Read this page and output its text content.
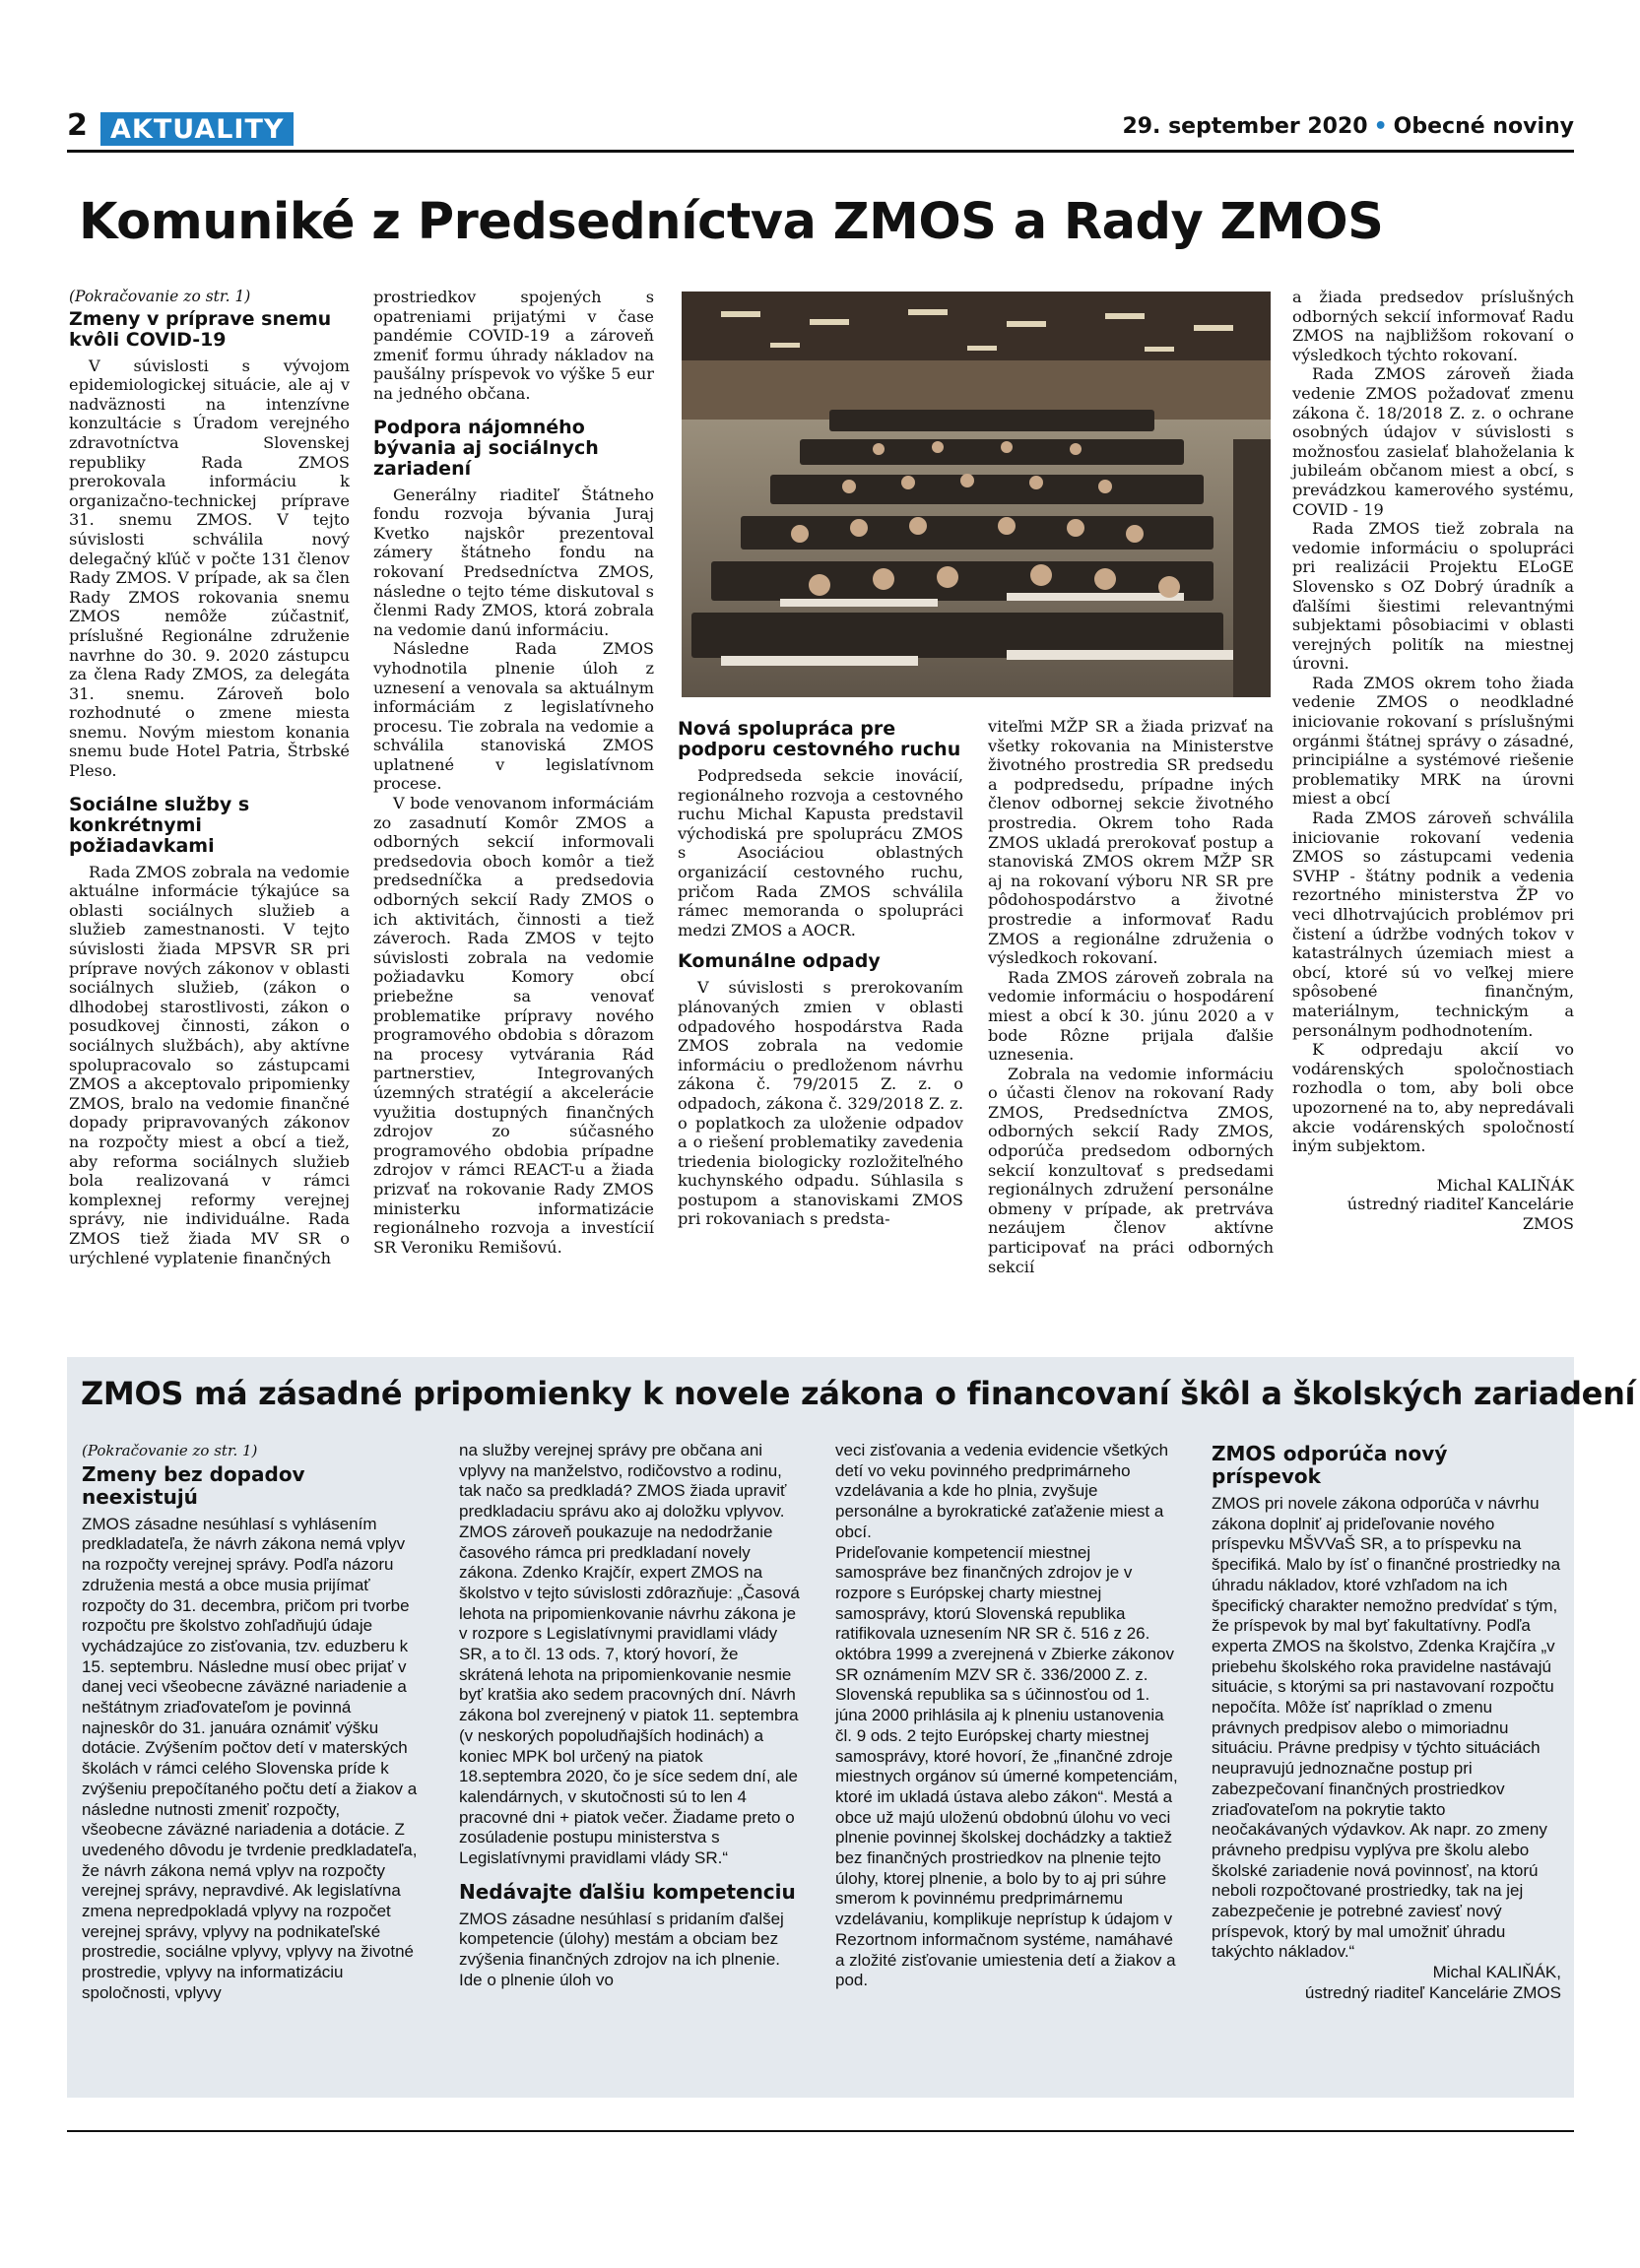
2 AKTUALITY	29. september 2020 • Obecné noviny
Komuniké z Predsedníctva ZMOS a Rady ZMOS
(Pokračovanie zo str. 1)
Zmeny v príprave snemu kvôli COVID-19

V súvislosti s vývojom epidemiologickej situácie, ale aj v nadväznosti na intenzívne konzultácie s Úradom verejného zdravotníctva Slovenskej republiky Rada ZMOS prerokovala informáciu k organizačno-technickej príprave 31. snemu ZMOS. V tejto súvislosti schválila nový delegačný kľúč v počte 131 členov Rady ZMOS. V prípade, ak sa člen Rady ZMOS rokovania snemu ZMOS nemôže zúčastniť, príslušné Regionálne združenie navrhne do 30. 9. 2020 zástupcu za člena Rady ZMOS, za delegáta 31. snemu. Zároveň bolo rozhodnuté o zmene miesta snemu. Novým miestom konania snemu bude Hotel Patria, Štrbské Pleso.

Sociálne služby s konkrétnymi požiadavkami

Rada ZMOS zobrala na vedomie aktuálne informácie týkajúce sa oblasti sociálnych služieb a služieb zamestnanosti. V tejto súvislosti žiada MPSVR SR pri príprave nových zákonov v oblasti sociálnych služieb, (zákon o dlhodobej starostlivosti, zákon o posudkovej činnosti, zákon o sociálnych službách), aby aktívne spolupracovalo so zástupcami ZMOS a akceptovalo pripomienky ZMOS, bralo na vedomie finančné dopady pripravovaných zákonov na rozpočty miest a obcí a tiež, aby reforma sociálnych služieb bola realizovaná v rámci komplexnej reformy verejnej správy, nie individuálne. Rada ZMOS tiež žiada MV SR o urýchlené vyplatenie finančných

prostriedkov spojených s opatreniami prijatými v čase pandémie COVID-19 a zároveň zmeniť formu úhrady nákladov na paušálny príspevok vo výške 5 eur na jedného občana.

Podpora nájomného bývania aj sociálnych zariadení

Generálny riaditeľ Štátneho fondu rozvoja bývania Juraj Kvetko najskôr prezentoval zámery štátneho fondu na rokovaní Predsedníctva ZMOS, následne o tejto téme diskutoval s členmi Rady ZMOS, ktorá zobrala na vedomie danú informáciu.

Následne Rada ZMOS vyhodnotila plnenie úloh z uznesení a venovala sa aktuálnym informáciám z legislatívneho procesu. Tie zobrala na vedomie a schválila stanoviská ZMOS uplatnené v legislatívnom procese.

V bode venovanom informáciám zo zasadnutí Komôr ZMOS a odborných sekcií informovali predsedovia oboch komôr a tiež predsedníčka a predsedovia odborných sekcií Rady ZMOS o ich aktivitách, činnosti a tiež záveroch. Rada ZMOS v tejto súvislosti zobrala na vedomie požiadavku Komory obcí priebežne sa venovať problematike prípravy nového programového obdobia s dôrazom na procesy vytvárania Rád partnerstiev, Integrovaných územných stratégií a akcelerácie využitia dostupných finančných zdrojov zo súčasného programového obdobia prípadne zdrojov v rámci REACT-u a žiada prizvať na rokovanie Rady ZMOS ministerku informatizácie regionálneho rozvoja a investícií SR Veroniku Remišovú.

Nová spolupráca pre podporu cestovného ruchu

Podpredseda sekcie inovácií, regionálneho rozvoja a cestovného ruchu Michal Kapusta predstavil východiská pre spoluprácu ZMOS s Asociáciou oblastných organizácií cestovného ruchu, pričom Rada ZMOS schválila rámec memoranda o spolupráci medzi ZMOS a AOCR.

Komunálne odpady

V súvislosti s prerokovaním plánovaných zmien v oblasti odpadového hospodárstva Rada ZMOS zobrala na vedomie informáciu o predloženom návrhu zákona č. 79/2015 Z. z. o odpadoch, zákona č. 329/2018 Z. z. o poplatkoch za uloženie odpadov a o riešení problematiky zavedenia triedenia biologicky rozložiteľného kuchynského odpadu. Súhlasila s postupom a stanoviskami ZMOS pri rokovaniach s predsta-

viteľmi MŽP SR a žiada prizvať na všetky rokovania na Ministerstve životného prostredia SR predsedu a podpredsedu, prípadne iných členov odbornej sekcie životného prostredia. Okrem toho Rada ZMOS ukladá prerokovať postup a stanoviská ZMOS okrem MŽP SR aj na rokovaní výboru NR SR pre pôdohospodárstvo a životné prostredie a informovať Radu ZMOS a regionálne združenia o výsledkoch rokovaní.

Rada ZMOS zároveň zobrala na vedomie informáciu o hospodárení miest a obcí k 30. júnu 2020 a v bode Rôzne prijala ďalšie uznesenia.

Zobrala na vedomie informáciu o účasti členov na rokovaní Rady ZMOS, Predsedníctva ZMOS, odborných sekcií Rady ZMOS, odporúča predsedom odborných sekcií konzultovať s predsedami regionálnych združení personálne obmeny v prípade, ak pretrváva nezáujem členov aktívne participovať na práci odborných sekcií

a žiada predsedov príslušných odborných sekcií informovať Radu ZMOS na najbližšom rokovaní o výsledkoch týchto rokovaní.

Rada ZMOS zároveň žiada vedenie ZMOS požadovať zmenu zákona č. 18/2018 Z. z. o ochrane osobných údajov v súvislosti s možnosťou zasielať blahoželania k jubileám občanom miest a obcí, s prevádzkou kamerového systému, COVID - 19

Rada ZMOS tiež zobrala na vedomie informáciu o spolupráci pri realizácii Projektu ELoGE Slovensko s OZ Dobrý úradník a ďalšími šiestimi relevantnými subjektami pôsobiacimi v oblasti verejných politík na miestnej úrovni.

Rada ZMOS okrem toho žiada vedenie ZMOS o neodkladné iniciovanie rokovaní s príslušnými orgánmi štátnej správy o zásadné, principiálne a systémové riešenie problematiky MRK na úrovni miest a obcí

Rada ZMOS zároveň schválila iniciovanie rokovaní vedenia ZMOS so zástupcami vedenia SVHP - štátny podnik a vedenia rezortného ministerstva ŽP vo veci dlhotrvajúcich problémov pri čistení a údržbe vodných tokov v katastrálnych územiach miest a obcí, ktoré sú vo veľkej miere spôsobené finančným, materiálnym, technickým a personálnym podhodnotením.

K odpredaju akcií vo vodárenských spoločnostiach rozhodla o tom, aby boli obce upozornené na to, aby nepredávali akcie vodárenských spoločností iným subjektom.

Michal KALIŇÁK

ústredný riaditeľ Kancelárie ZMOS

ZMOS má zásadné pripomienky k novele zákona o financovaní škôl a školských zariadení
(Pokračovanie zo str. 1)
Zmeny bez dopadov neexistujú

ZMOS zásadne nesúhlasí s vyhlásením predkladateľa, že návrh zákona nemá vplyv na rozpočty verejnej správy. Podľa názoru združenia mestá a obce musia prijímať rozpočty do 31. decembra, pričom pri tvorbe rozpočtu pre školstvo zohľadňujú údaje vychádzajúce zo zisťovania, tzv. eduzberu k 15. septembru. Následne musí obec prijať v danej veci všeobecne záväzné nariadenie a neštátnym zriaďovateľom je povinná najneskôr do 31. januára oznámiť výšku dotácie. Zvýšením počtov detí v materských školách v rámci celého Slovenska príde k zvýšeniu prepočítaného počtu detí a žiakov a následne nutnosti zmeniť rozpočty, všeobecne záväzné nariadenia a dotácie. Z uvedeného dôvodu je tvrdenie predkladateľa, že návrh zákona nemá vplyv na rozpočty verejnej správy, nepravdivé. Ak legislatívna zmena nepredpokladá vplyvy na rozpočet verejnej správy, vplyvy na podnikateľské prostredie, sociálne vplyvy, vplyvy na životné prostredie, vplyvy na informatizáciu spoločnosti, vplyvy

na služby verejnej správy pre občana ani vplyvy na manželstvo, rodičovstvo a rodinu, tak načo sa predkladá? ZMOS žiada upraviť predkladaciu správu ako aj doložku vplyvov.

ZMOS zároveň poukazuje na nedodržanie časového rámca pri predkladaní novely zákona. Zdenko Krajčír, expert ZMOS na školstvo v tejto súvislosti zdôrazňuje: „Časová lehota na pripomienkovanie návrhu zákona je v rozpore s Legislatívnymi pravidlami vlády SR, a to čl. 13 ods. 7, ktorý hovorí, že skrátená lehota na pripomienkovanie nesmie byť kratšia ako sedem pracovných dní. Návrh zákona bol zverejnený v piatok 11. septembra (v neskorých popoludňajších hodinách) a koniec MPK bol určený na piatok 18.septembra 2020, čo je síce sedem dní, ale kalendárnych, v skutočnosti sú to len 4 pracovné dni + piatok večer. Žiadame preto o zosúladenie postupu ministerstva s Legislatívnymi pravidlami vlády SR.“

Nedávajte ďalšiu kompetenciu

ZMOS zásadne nesúhlasí s pridaním ďalšej kompetencie (úlohy) mestám a obciam bez zvýšenia finančných zdrojov na ich plnenie. Ide o plnenie úloh vo

veci zisťovania a vedenia evidencie všetkých detí vo veku povinného predprimárneho vzdelávania a kde ho plnia, zvyšuje personálne a byrokratické zaťaženie miest a obcí.

Prideľovanie kompetencií miestnej samospráve bez finančných zdrojov je v rozpore s Európskej charty miestnej samosprávy, ktorú Slovenská republika ratifikovala uznesením NR SR č. 516 z 26. októbra 1999 a zverejnená v Zbierke zákonov SR oznámením MZV SR č. 336/2000 Z. z. Slovenská republika sa s účinnosťou od 1. júna 2000 prihlásila aj k plneniu ustanovenia čl. 9 ods. 2 tejto Európskej charty miestnej samosprávy, ktoré hovorí, že „finančné zdroje miestnych orgánov sú úmerné kompetenciám, ktoré im ukladá ústava alebo zákon“. Mestá a obce už majú uloženú obdobnú úlohu vo veci plnenie povinnej školskej dochádzky a taktiež bez finančných prostriedkov na plnenie tejto úlohy, ktorej plnenie, a bolo by to aj pri súhre smerom k povinnému predprimárnemu vzdelávaniu, komplikuje neprístup k údajom v Rezortnom informačnom systéme, namáhavé a zložité zisťovanie umiestenia detí a žiakov a pod.

ZMOS odporúča nový príspevok

ZMOS pri novele zákona odporúča v návrhu zákona doplniť aj prideľovanie nového príspevku MŠVVaŠ SR, a to príspevku na špecifiká. Malo by ísť o finančné prostriedky na úhradu nákladov, ktoré vzhľadom na ich špecifický charakter nemožno predvídať s tým, že príspevok by mal byť fakultatívny. Podľa experta ZMOS na školstvo, Zdenka Krajčíra „v priebehu školského roka pravidelne nastávajú situácie, s ktorými sa pri nastavovaní rozpočtu nepočíta. Môže ísť napríklad o zmenu právnych predpisov alebo o mimoriadnu situáciu. Právne predpisy v týchto situáciách neupravujú jednoznačne postup pri zabezpečovaní finančných prostriedkov zriaďovateľom na pokrytie takto neočakávaných výdavkov. Ak napr. zo zmeny právneho predpisu vyplýva pre školu alebo školské zariadenie nová povinnosť, na ktorú neboli rozpočtované prostriedky, tak na jej zabezpečenie je potrebné zaviesť nový príspevok, ktorý by mal umožniť úhradu takýchto nákladov.“

Michal KALIŇÁK,

ústredný riaditeľ Kancelárie ZMOS
